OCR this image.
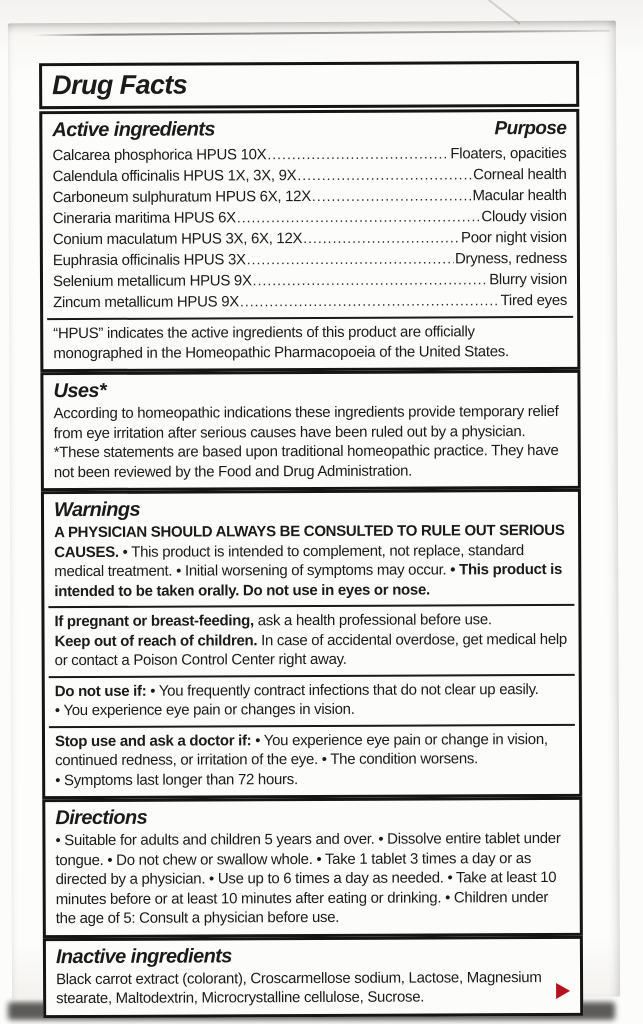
Drug Facts
Active ingredients	Purpose
Calcarea phosphorica HPUS 10X .....	Floaters, opacities
Calendula officinalis HPUS 1X, 3X, 9X .....	Corneal health
Carboneum sulphuratum HPUS 6X, 12X .....	Macular health
Cineraria maritima HPUS 6X .....	Cloudy vision
Conium maculatum HPUS 3X, 6X, 12X .....	Poor night vision
Euphrasia officinalis HPUS 3X .....	Dryness, redness
Selenium metallicum HPUS 9X .....	Blurry vision
Zincum metallicum HPUS 9X .....	Tired eyes
“HPUS” indicates the active ingredients of this product are officially monographed in the Homeopathic Pharmacopoeia of the United States.
Uses*
According to homeopathic indications these ingredients provide temporary relief from eye irritation after serious causes have been ruled out by a physician. *These statements are based upon traditional homeopathic practice. They have not been reviewed by the Food and Drug Administration.
Warnings
A PHYSICIAN SHOULD ALWAYS BE CONSULTED TO RULE OUT SERIOUS CAUSES. • This product is intended to complement, not replace, standard medical treatment. • Initial worsening of symptoms may occur. • This product is intended to be taken orally. Do not use in eyes or nose.
If pregnant or breast-feeding, ask a health professional before use.
Keep out of reach of children. In case of accidental overdose, get medical help or contact a Poison Control Center right away.
Do not use if: • You frequently contract infections that do not clear up easily.
• You experience eye pain or changes in vision.
Stop use and ask a doctor if: • You experience eye pain or change in vision, continued redness, or irritation of the eye. • The condition worsens.
• Symptoms last longer than 72 hours.
Directions
• Suitable for adults and children 5 years and over. • Dissolve entire tablet under tongue. • Do not chew or swallow whole. • Take 1 tablet 3 times a day or as directed by a physician. • Use up to 6 times a day as needed. • Take at least 10 minutes before or at least 10 minutes after eating or drinking. • Children under the age of 5: Consult a physician before use.
Inactive ingredients
Black carrot extract (colorant), Croscarmellose sodium, Lactose, Magnesium stearate, Maltodextrin, Microcrystalline cellulose, Sucrose.
